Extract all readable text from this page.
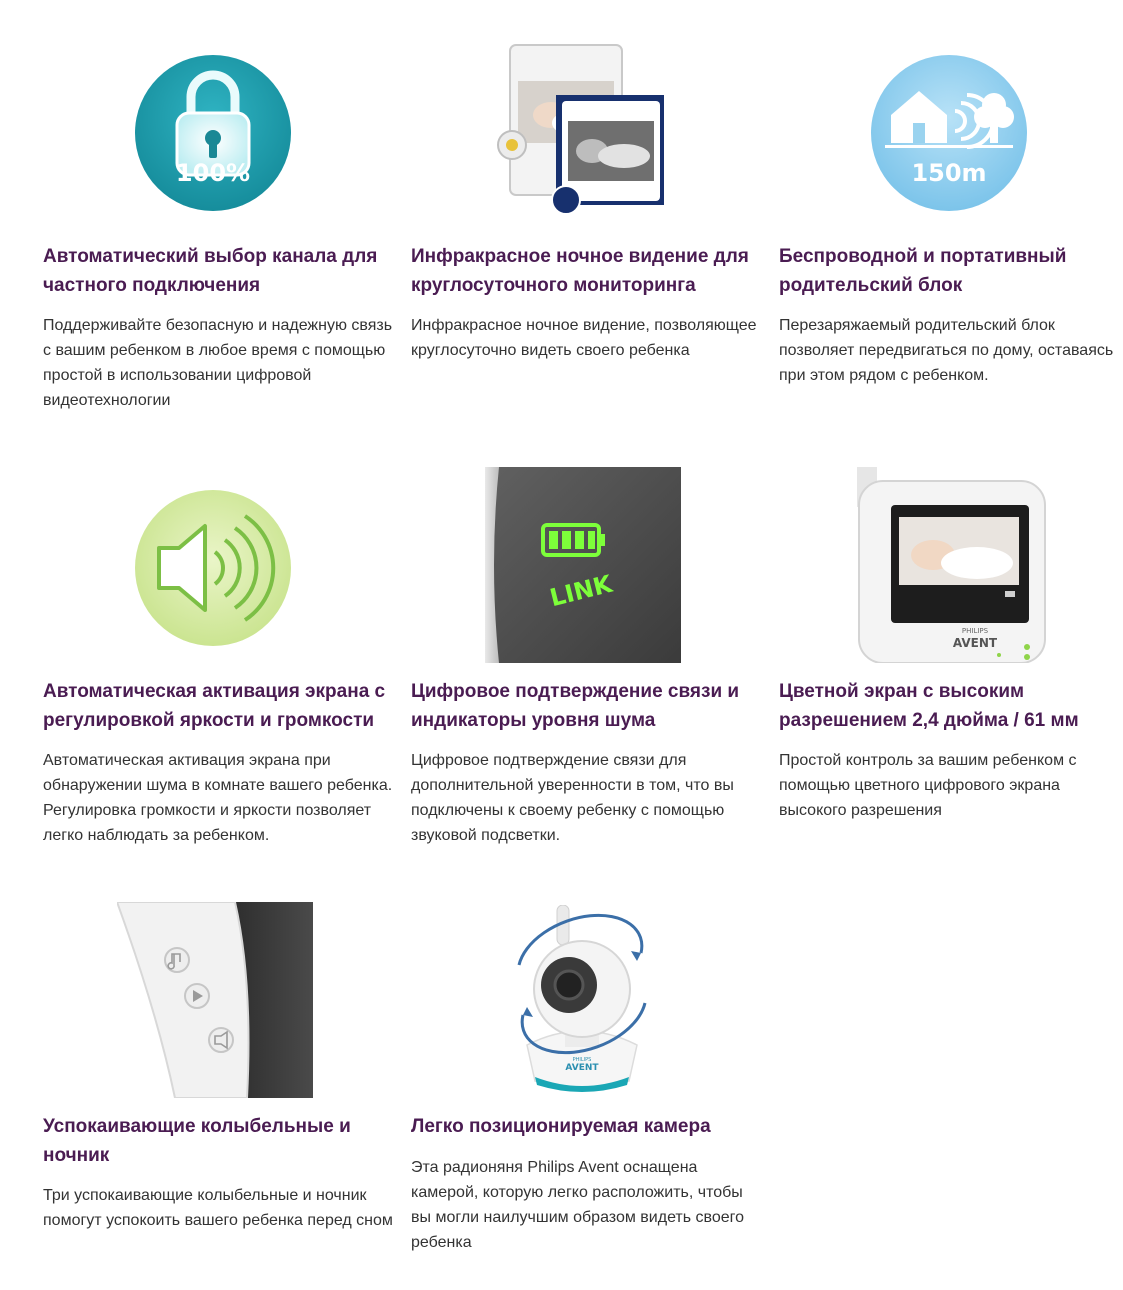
100%

Автоматический выбор канала для частного подключения

Поддерживайте безопасную и надежную связь с вашим ребенком в любое время с помощью простой в использовании цифровой видеотехнологии

Инфракрасное ночное видение для круглосуточного мониторинга

Инфракрасное ночное видение, позволяющее круглосуточно видеть своего ребенка

150m

Беспроводной и портативный родительский блок

Перезаряжаемый родительский блок позволяет передвигаться по дому, оставаясь при этом рядом с ребенком.

Автоматическая активация экрана с регулировкой яркости и громкости

Автоматическая активация экрана при обнаружении шума в комнате вашего ребенка. Регулировка громкости и яркости позволяет легко наблюдать за ребенком.

LINK

Цифровое подтверждение связи и индикаторы уровня шума

Цифровое подтверждение связи для дополнительной уверенности в том, что вы подключены к своему ребенку с помощью звуковой подсветки.

PHILIPS
AVENT

Цветной экран с высоким разрешением 2,4 дюйма / 61 мм

Простой контроль за вашим ребенком с помощью цветного цифрового экрана высокого разрешения

Успокаивающие колыбельные и ночник

Три успокаивающие колыбельные и ночник помогут успокоить вашего ребенка перед сном

PHILIPS
AVENT

Легко позиционируемая камера

Эта радионяня Philips Avent оснащена камерой, которую легко расположить, чтобы вы могли наилучшим образом видеть своего ребенка
